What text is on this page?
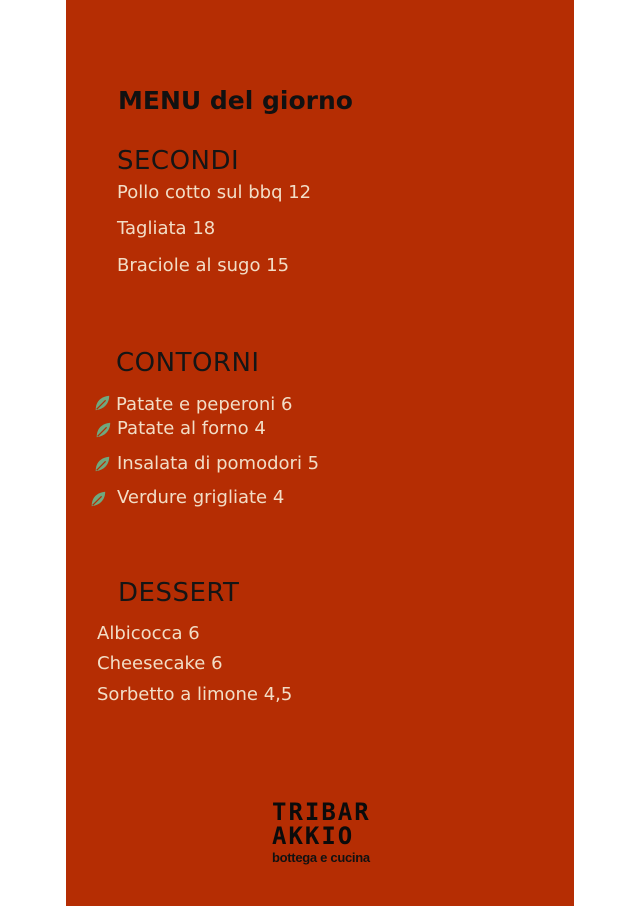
MENU del giorno
SECONDI
Pollo cotto sul bbq 12
Tagliata 18
Braciole al sugo 15
CONTORNI
Patate e peperoni 6
Patate al forno 4
Insalata di pomodori 5
Verdure grigliate 4
DESSERT
Albicocca 6
Cheesecake 6
Sorbetto a limone 4,5
TRIBAR
AKKIO
bottega e cucina
